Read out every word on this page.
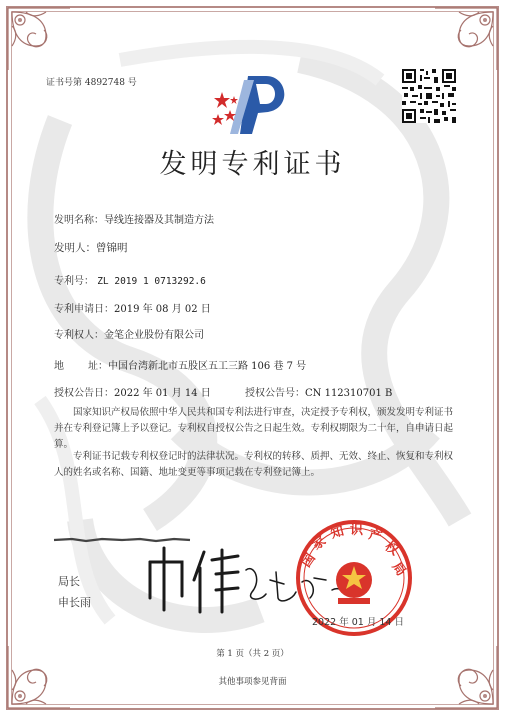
证书号第 4892748 号
发明专利证书
发明名称：导线连接器及其制造方法
发明人：曾锦明
专利号： ZL 2019 1 0713292.6
专利申请日：2019 年 08 月 02 日
专利权人：金笔企业股份有限公司
地 址：中国台湾新北市五股区五工三路 106 巷 7 号
授权公告日：2022 年 01 月 14 日	授权公告号：CN 112310701 B
国家知识产权局依照中华人民共和国专利法进行审查，决定授予专利权，颁发发明专利证书并在专利登记簿上予以登记。专利权自授权公告之日起生效。专利权期限为二十年，自申请日起算。
专利证书记载专利权登记时的法律状况。专利权的转移、质押、无效、终止、恢复和专利权人的姓名或名称、国籍、地址变更等事项记载在专利登记簿上。
局长
申长雨
国
家
知 识 产
权
局
2022 年 01 月 14 日
第 1 页（共 2 页）
其他事项参见背面
